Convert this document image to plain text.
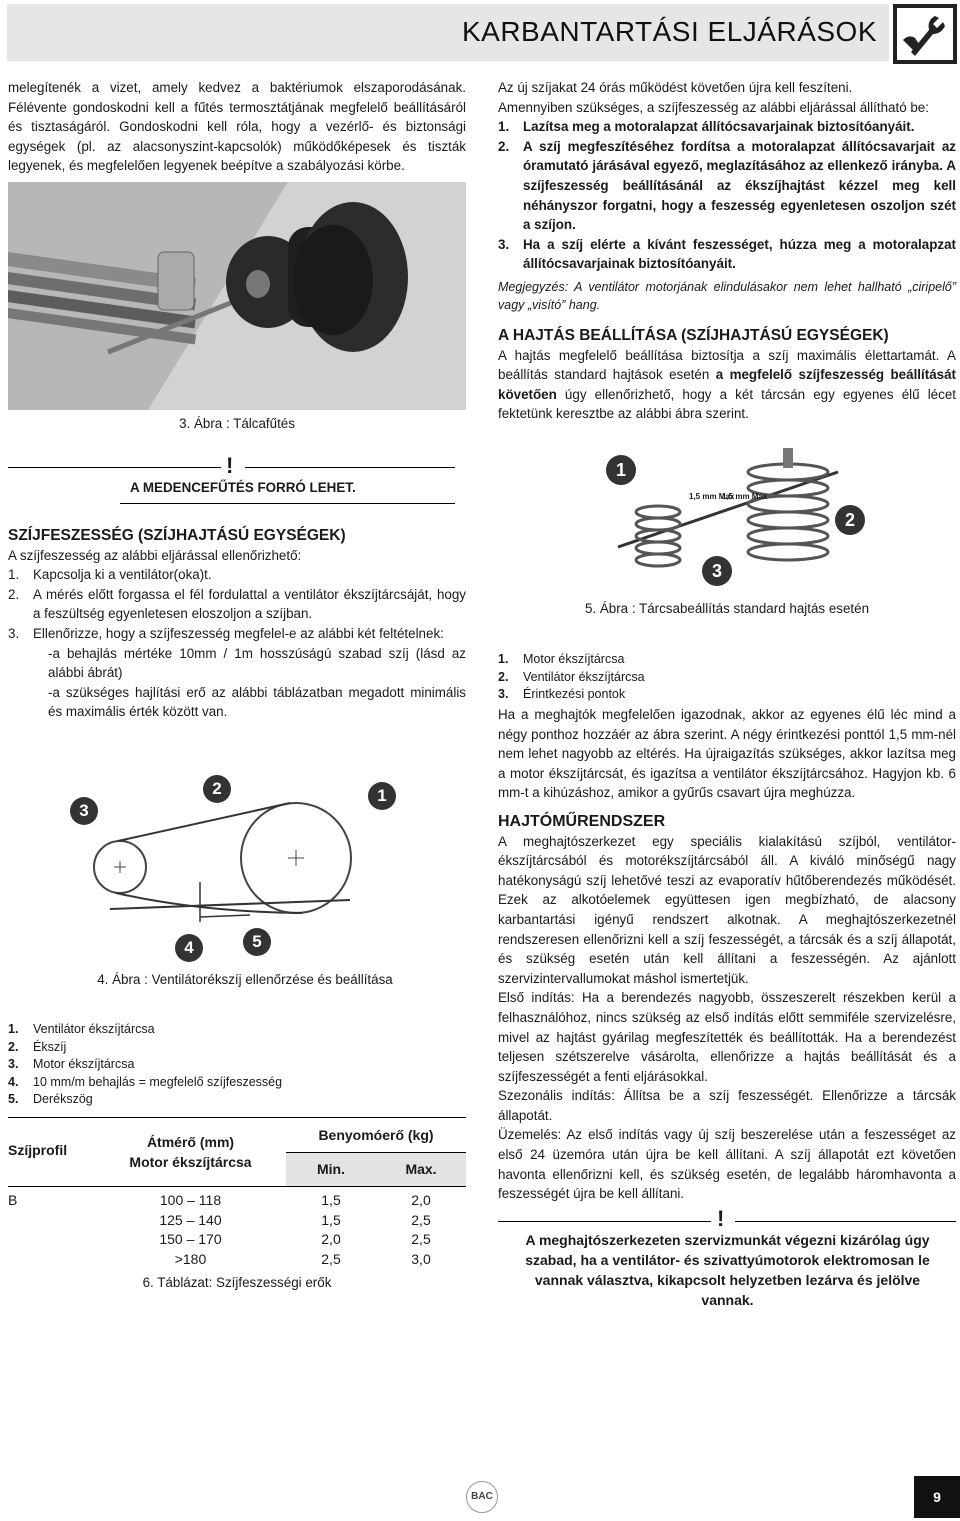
KARBANTARTÁSI ELJÁRÁSOK

melegítenék a vizet, amely kedvez a baktériumok elszaporodásának. Félévente gondoskodni kell a fűtés termosztátjának megfelelő beállításáról és tisztaságáról. Gondoskodni kell róla, hogy a vezérlő- és biztonsági egységek (pl. az alacsonyszint-kapcsolók) működőképesek és tiszták legyenek, és megfelelően legyenek beépítve a szabályozási körbe.

3. Ábra : Tálcafűtés
!
A MEDENCEFŰTÉS FORRÓ LEHET.
SZÍJFESZESSÉG (SZÍJHAJTÁSÚ EGYSÉGEK)

A szíjfeszesség az alábbi eljárással ellenőrizhető:

1.	Kapcsolja ki a ventilátor(oka)t.
2.	A mérés előtt forgassa el fél fordulattal a ventilátor ékszíjtárcsáját, hogy a feszültség egyenletesen eloszoljon a szíjban.
3.	Ellenőrizze, hogy a szíjfeszesség megfelel-e az alábbi két feltételnek:

-a behajlás mértéke 10mm / 1m hosszúságú szabad szíj (lásd az alábbi ábrát)

-a szükséges hajlítási erő az alábbi táblázatban megadott minimális és maximális érték között van.

3
2	1
4	5
4. Ábra : Ventilátorékszíj ellenőrzése és beállítása
1.	Ventilátor ékszíjtárcsa
2.	Ékszíj
3.	Motor ékszíjtárcsa
4.	10 mm/m behajlás = megfelelő szíjfeszesség
5.	Derékszög
Szíjprofil	Átmérő (mm)
Motor ékszíjtárcsa
Benyomóerő (kg)
Min.	Max.
B	100 – 118	1,5	2,0
125 – 140	1,5	2,5
150 – 170	2,0	2,5
>180	2,5	3,0
6. Táblázat: Szíjfeszességi erők

Az új szíjakat 24 órás működést követően újra kell feszíteni.

Amennyiben szükséges, a szíjfeszesség az alábbi eljárással állítható be:

1.	Lazítsa meg a motoralapzat állítócsavarjainak biztosítóanyáit.
2.	A szíj megfeszítéséhez fordítsa a motoralapzat állítócsavarjait az óramutató járásával egyező, meglazításához az ellenkező irányba. A szíjfeszesség beállításánál az ékszíjhajtást kézzel meg kell néhányszor forgatni, hogy a feszesség egyenletesen oszoljon szét a szíjon.
3.	Ha a szíj elérte a kívánt feszességet, húzza meg a motoralapzat állítócsavarjainak biztosítóanyáit.

Megjegyzés: A ventilátor motorjának elindulásakor nem lehet hallható „ciripelő” vagy „visító” hang.

A HAJTÁS BEÁLLÍTÁSA (SZÍJHAJTÁSÚ EGYSÉGEK)

A hajtás megfelelő beállítása biztosítja a szíj maximális élettartamát. A beállítás standard hajtások esetén a megfelelő szíjfeszesség beállítását követően úgy ellenőrizhető, hogy a két tárcsán egy egyenes élű lécet fektetünk keresztbe az alábbi ábra szerint.

1,5 mm Max
1,5 mm Max
1
2
3
5. Ábra : Tárcsabeállítás standard hajtás esetén
1.	Motor ékszíjtárcsa
2.	Ventilátor ékszíjtárcsa
3.	Érintkezési pontok

Ha a meghajtók megfelelően igazodnak, akkor az egyenes élű léc mind a négy ponthoz hozzáér az ábra szerint. A négy érintkezési ponttól 1,5 mm-nél nem lehet nagyobb az eltérés. Ha újraigazítás szükséges, akkor lazítsa meg a motor ékszíjtárcsát, és igazítsa a ventilátor ékszíjtárcsához. Hagyjon kb. 6 mm-t a kihúzáshoz, amikor a gyűrűs csavart újra meghúzza.

HAJTÓMŰRENDSZER

A meghajtószerkezet egy speciális kialakítású szíjból, ventilátor-ékszíjtárcsából és motorékszíjtárcsából áll. A kiváló minőségű nagy hatékonyságú szíj lehetővé teszi az evaporatív hűtőberendezés működését. Ezek az alkotóelemek együttesen igen megbízható, de alacsony karbantartási igényű rendszert alkotnak. A meghajtószerkezetnél rendszeresen ellenőrizni kell a szíj feszességét, a tárcsák és a szíj állapotát, és szükség esetén után kell állítani a feszességén. Az ajánlott szervizintervallumokat máshol ismertetjük.

Első indítás: Ha a berendezés nagyobb, összeszerelt részekben kerül a felhasználóhoz, nincs szükség az első indítás előtt semmiféle szervizelésre, mivel az hajtást gyárilag megfeszítették és beállították. Ha a berendezést teljesen szétszerelve vásárolta, ellenőrizze a hajtás beállítását és a szíjfeszességét a fenti eljárásokkal.

Szezonális indítás: Állítsa be a szíj feszességét. Ellenőrizze a tárcsák állapotát.

Üzemelés: Az első indítás vagy új szíj beszerelése után a feszességet az első 24 üzemóra után újra be kell állítani. A szíj állapotát ezt követően havonta ellenőrizni kell, és szükség esetén, de legalább háromhavonta a feszességét újra be kell állítani.

!
A meghajtószerkezeten szervizmunkát végezni kizárólag úgy szabad, ha a ventilátor- és szivattyúmotorok elektromosan le vannak választva, kikapcsolt helyzetben lezárva és jelölve vannak.
BAC	9
